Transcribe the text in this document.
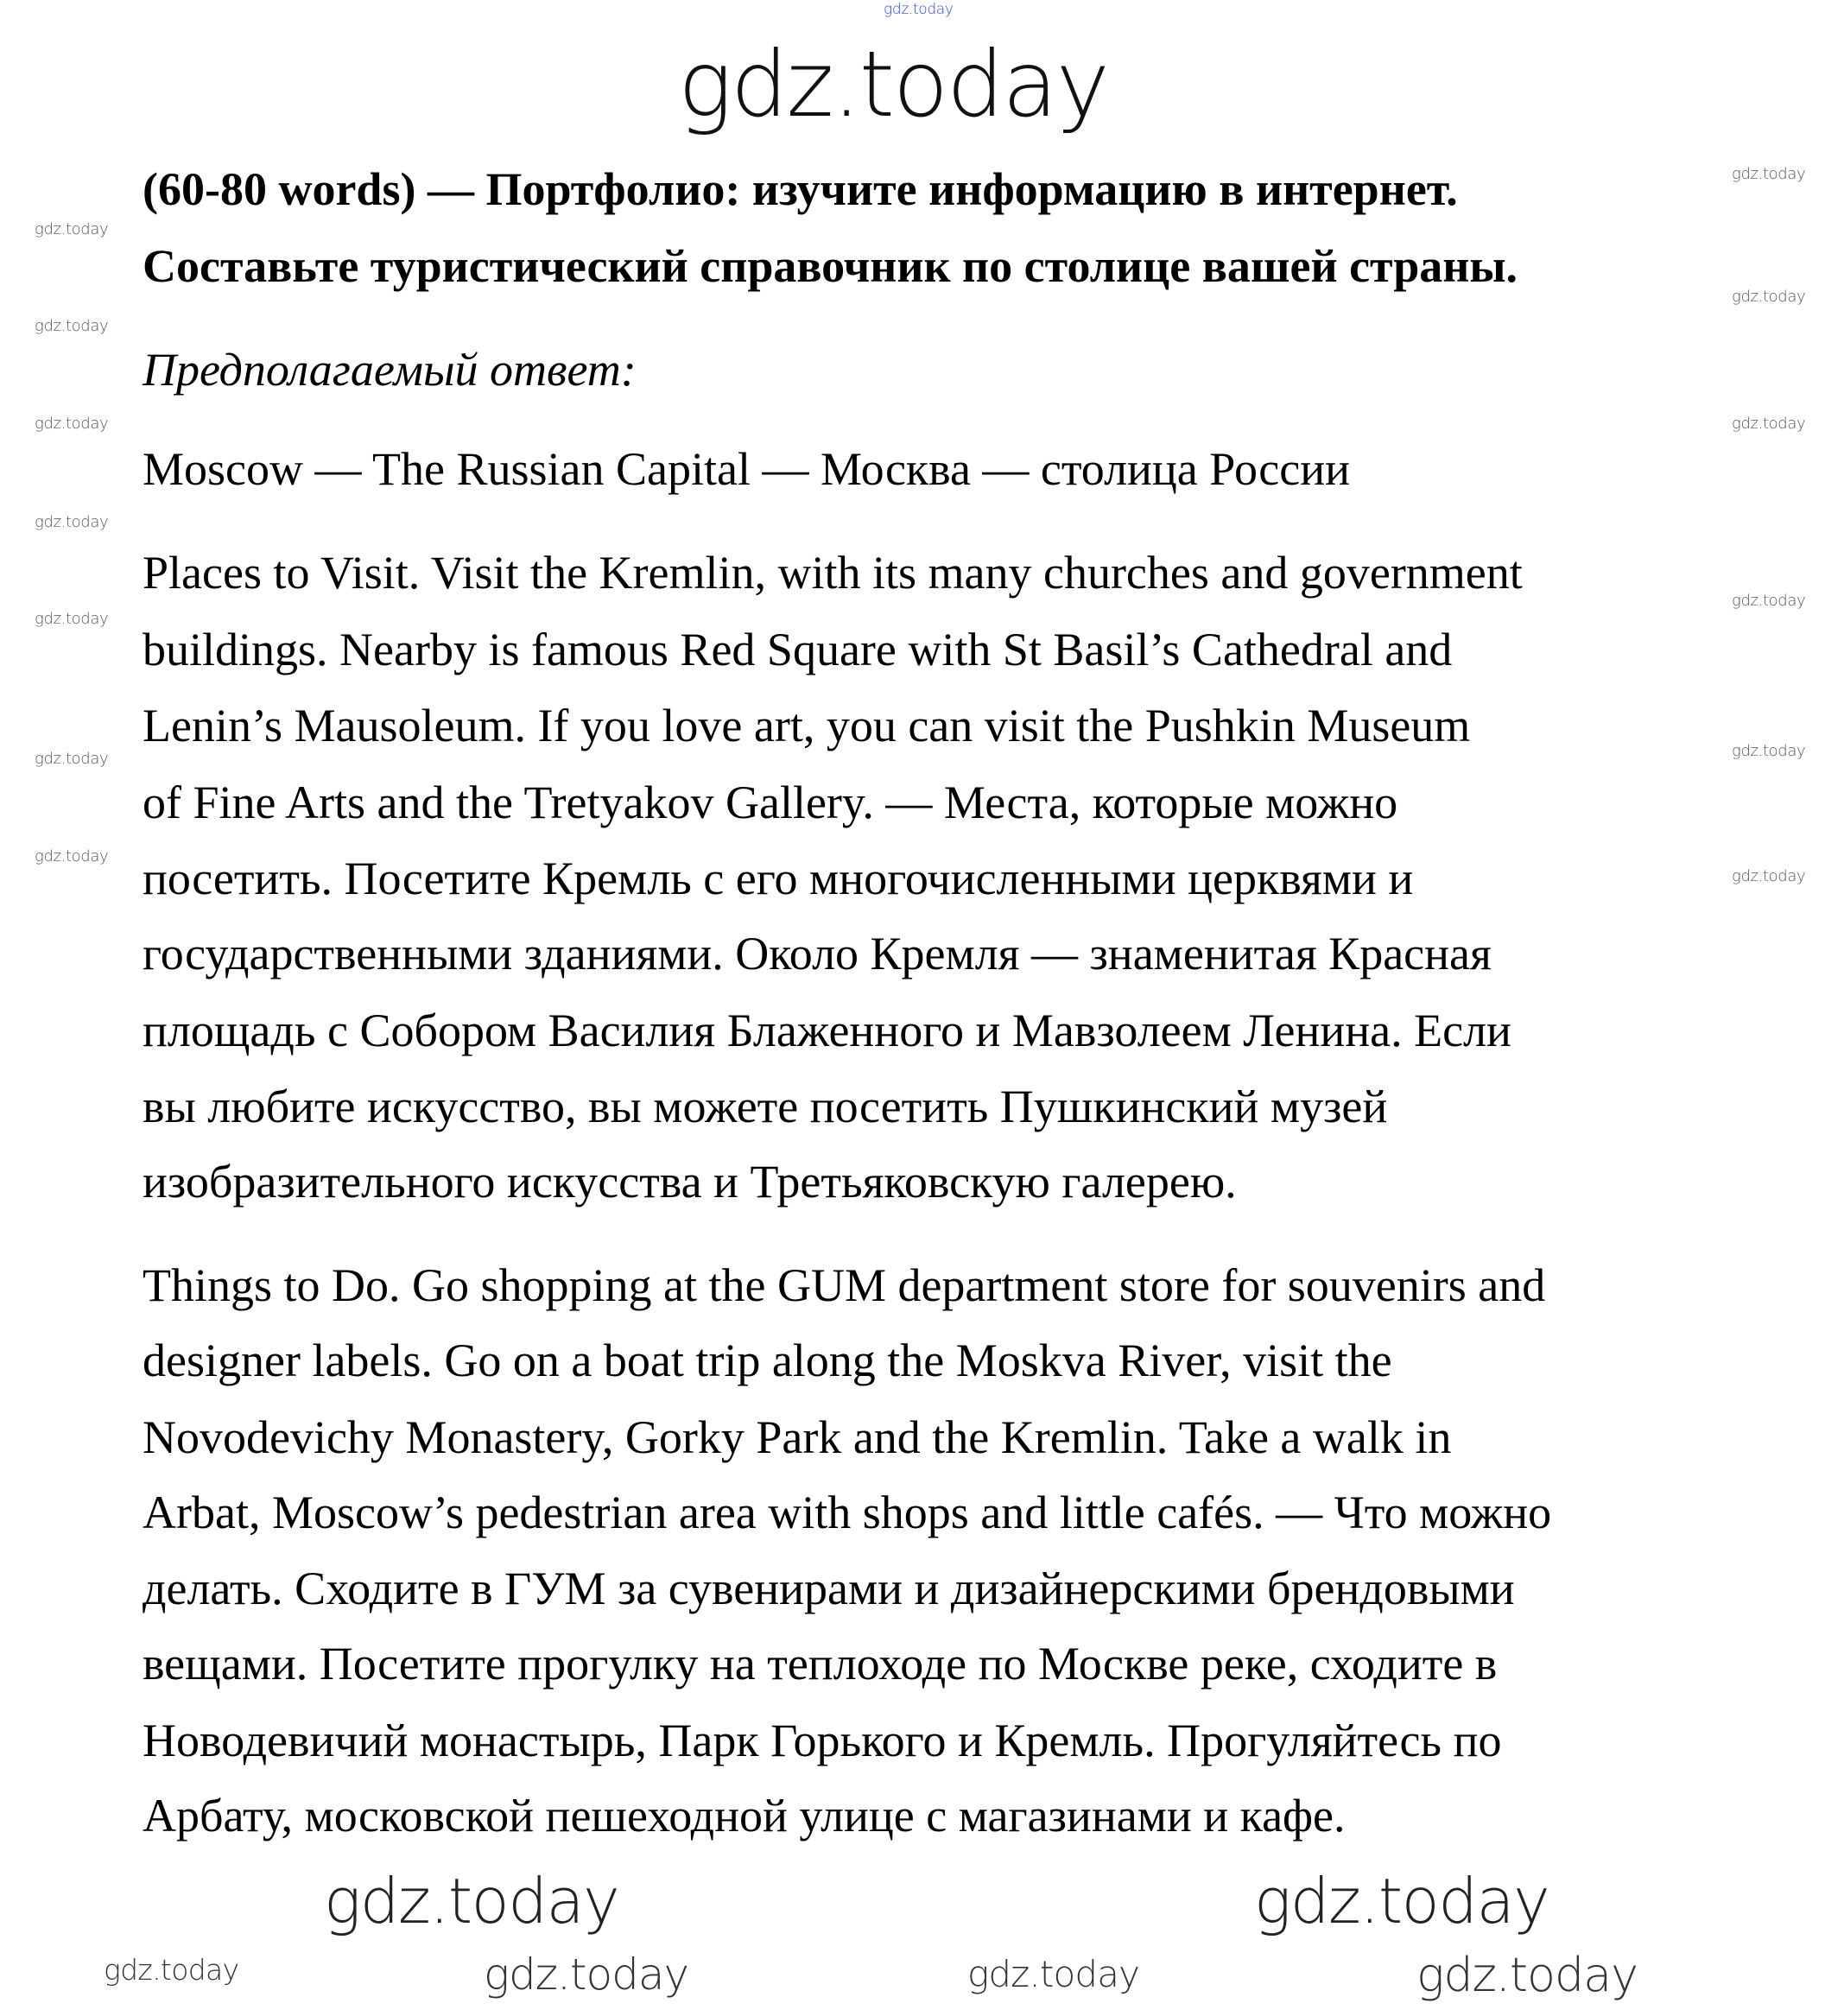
(60-80 words) — Портфолио: изучите информацию в интернет.
Составьте туристический справочник по столице вашей страны.
Предполагаемый ответ:
Moscow — The Russian Capital — Москва — столица России
Places to Visit. Visit the Kremlin, with its many churches and government
buildings. Nearby is famous Red Square with St Basil’s Cathedral and
Lenin’s Mausoleum. If you love art, you can visit the Pushkin Museum
of Fine Arts and the Tretyakov Gallery. — Места, которые можно
посетить. Посетите Кремль с его многочисленными церквями и
государственными зданиями. Около Кремля — знаменитая Красная
площадь с Собором Василия Блаженного и Мавзолеем Ленина. Если
вы любите искусство, вы можете посетить Пушкинский музей
изобразительного искусства и Третьяковскую галерею.
Things to Do. Go shopping at the GUM department store for souvenirs and
designer labels. Go on a boat trip along the Moskva River, visit the
Novodevichy Monastery, Gorky Park and the Kremlin. Take a walk in
Arbat, Moscow’s pedestrian area with shops and little cafés. — Что можно
делать. Сходите в ГУМ за сувенирами и дизайнерскими брендовыми
вещами. Посетите прогулку на теплоходе по Москве реке, сходите в
Новодевичий монастырь, Парк Горького и Кремль. Прогуляйтесь по
Арбату, московской пешеходной улице с магазинами и кафе.
gdz.today
gdz.today
gdz.today
gdz.today
gdz.today
gdz.today	gdz.today
gdz.today
gdz.today
gdz.today
gdz.today
gdz.today
gdz.today
gdz.today
gdz.today
gdz.today	gdz.today
gdz.today	gdz.today	gdz.today	gdz.today
